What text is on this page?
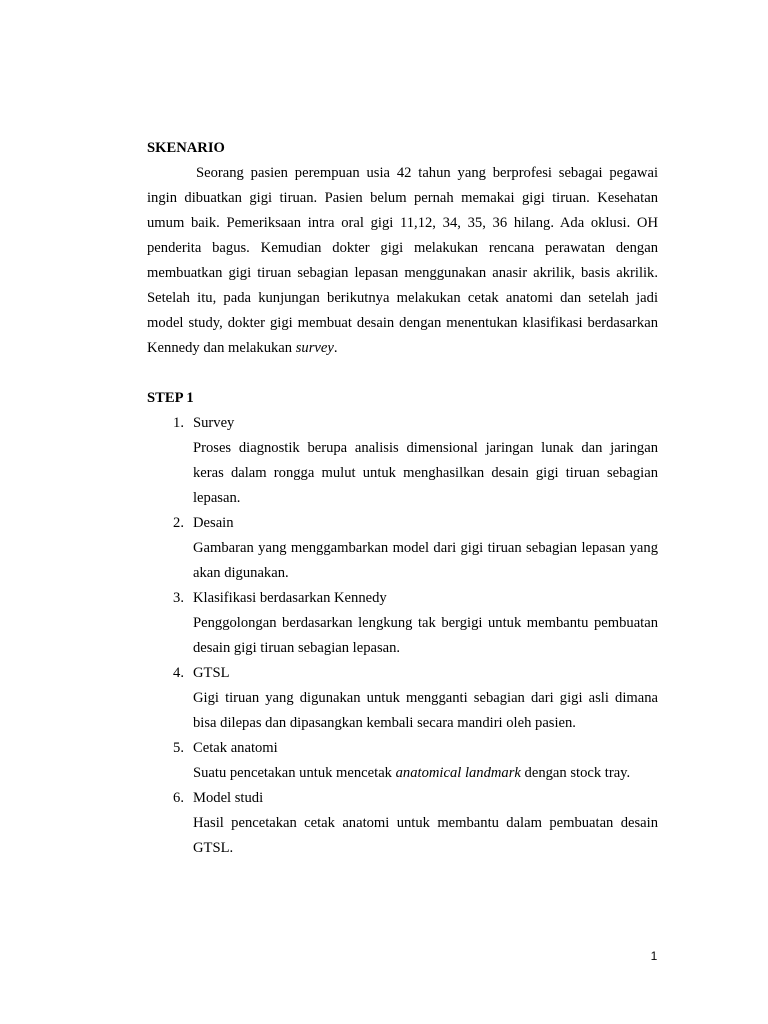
SKENARIO

Seorang pasien perempuan usia 42 tahun yang berprofesi sebagai pegawai ingin dibuatkan gigi tiruan. Pasien belum pernah memakai gigi tiruan. Kesehatan umum baik. Pemeriksaan intra oral gigi 11,12, 34, 35, 36 hilang. Ada oklusi. OH penderita bagus. Kemudian dokter gigi melakukan rencana perawatan dengan membuatkan gigi tiruan sebagian lepasan menggunakan anasir akrilik, basis akrilik. Setelah itu, pada kunjungan berikutnya melakukan cetak anatomi dan setelah jadi model study, dokter gigi membuat desain dengan menentukan klasifikasi berdasarkan Kennedy dan melakukan survey.

STEP 1

1. Survey

Proses diagnostik berupa analisis dimensional jaringan lunak dan jaringan keras dalam rongga mulut untuk menghasilkan desain gigi tiruan sebagian lepasan.

2. Desain

Gambaran yang menggambarkan model dari gigi tiruan sebagian lepasan yang akan digunakan.

3. Klasifikasi berdasarkan Kennedy

Penggolongan berdasarkan lengkung tak bergigi untuk membantu pembuatan desain gigi tiruan sebagian lepasan.

4. GTSL

Gigi tiruan yang digunakan untuk mengganti sebagian dari gigi asli dimana bisa dilepas dan dipasangkan kembali secara mandiri oleh pasien.

5. Cetak anatomi

Suatu pencetakan untuk mencetak anatomical landmark dengan stock tray.

6. Model studi

Hasil pencetakan cetak anatomi untuk membantu dalam pembuatan desain GTSL.

1
